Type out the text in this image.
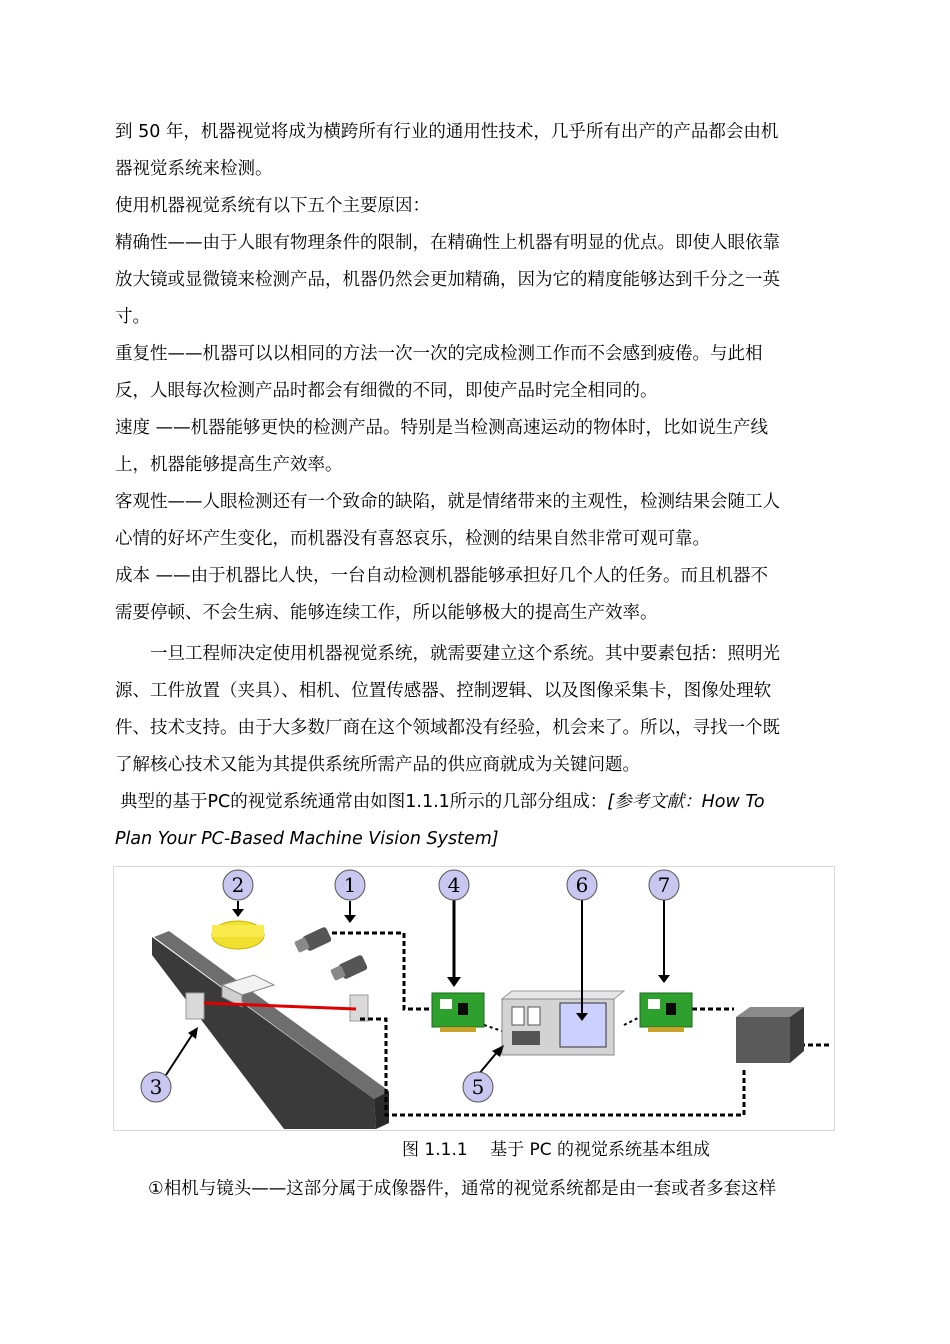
到 50 年，机器视觉将成为横跨所有行业的通用性技术，几乎所有出产的产品都会由机
器视觉系统来检测。
使用机器视觉系统有以下五个主要原因：
精确性——由于人眼有物理条件的限制，在精确性上机器有明显的优点。即使人眼依靠
放大镜或显微镜来检测产品，机器仍然会更加精确，因为它的精度能够达到千分之一英
寸。
重复性——机器可以以相同的方法一次一次的完成检测工作而不会感到疲倦。与此相
反，人眼每次检测产品时都会有细微的不同，即使产品时完全相同的。
速度 ——机器能够更快的检测产品。特别是当检测高速运动的物体时，比如说生产线
上，机器能够提高生产效率。
客观性——人眼检测还有一个致命的缺陷，就是情绪带来的主观性，检测结果会随工人
心情的好坏产生变化，而机器没有喜怒哀乐，检测的结果自然非常可观可靠。
成本 ——由于机器比人快，一台自动检测机器能够承担好几个人的任务。而且机器不
需要停顿、不会生病、能够连续工作，所以能够极大的提高生产效率。
一旦工程师决定使用机器视觉系统，就需要建立这个系统。其中要素包括：照明光
源、工件放置（夹具）、相机、位置传感器、控制逻辑、以及图像采集卡，图像处理软
件、技术支持。由于大多数厂商在这个领域都没有经验，机会来了。所以，寻找一个既
了解核心技术又能为其提供系统所需产品的供应商就成为关键问题。
典型的基于PC的视觉系统通常由如图1.1.1所示的几部分组成：[参考文献：How To
Plan Your PC-Based Machine Vision System]
2	1
3
4
5
6	7
图 1.1.1　 基于 PC 的视觉系统基本组成
①相机与镜头——这部分属于成像器件，通常的视觉系统都是由一套或者多套这样
